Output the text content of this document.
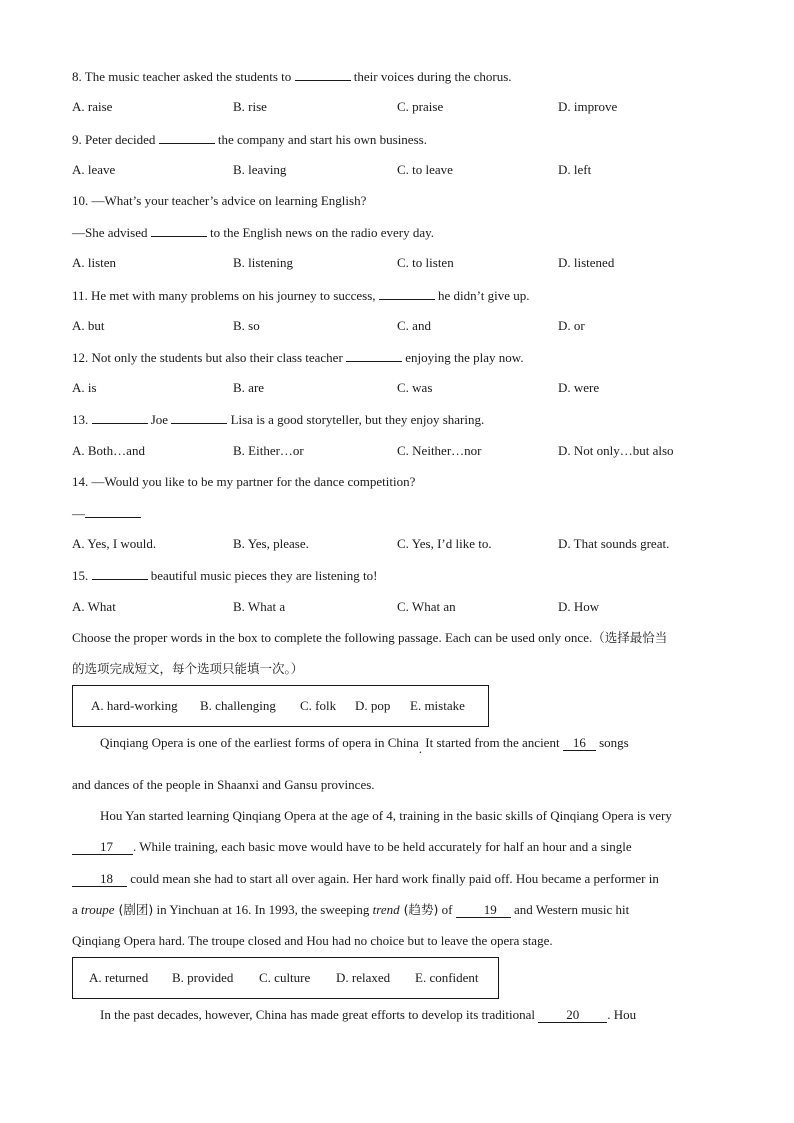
8. The music teacher asked the students to	their voices during the chorus.
A. raise	B. rise	C. praise	D. improve
9. Peter decided	the company and start his own business.
A. leave	B. leaving	C. to leave	D. left
10. —What’s your teacher’s advice on learning English?
—She advised	to the English news on the radio every day.
A. listen	B. listening	C. to listen	D. listened
11. He met with many problems on his journey to success,	he didn’t give up.
A. but	B. so	C. and	D. or
12. Not only the students but also their class teacher	enjoying the play now.
A. is	B. are	C. was	D. were
13.	Joe	Lisa is a good storyteller, but they enjoy sharing.
A. Both…and	B. Either…or	C. Neither…nor	D. Not only…but also
14. —Would you like to be my partner for the dance competition?
—
A. Yes, I would.	B. Yes, please.	C. Yes, I’d like to.	D. That sounds great.
15.	beautiful music pieces they are listening to!
A. What	B. What a	C. What an	D. How
Choose the proper words in the box to complete the following passage. Each can be used only once.（选择最恰当
的选项完成短文，每个选项只能填一次。）
A. hard-working B. challenging C. folk D. pop E. mistake
Qinqiang Opera is one of the earliest forms of opera in China. It started from the ancient 16 songs
and dances of the people in Shaanxi and Gansu provinces.
Hou Yan started learning Qinqiang Opera at the age of 4, training in the basic skills of Qinqiang Opera is very
17 . While training, each basic move would have to be held accurately for half an hour and a single
18 could mean she had to start all over again. Her hard work finally paid off. Hou became a performer in
a troupe (剧团) in Yinchuan at 16. In 1993, the sweeping trend (趋势) of 19 and Western music hit
Qinqiang Opera hard. The troupe closed and Hou had no choice but to leave the opera stage.
A. returned B. provided C. culture D. relaxed E. confident
In the past decades, however, China has made great efforts to develop its traditional 20 . Hou
